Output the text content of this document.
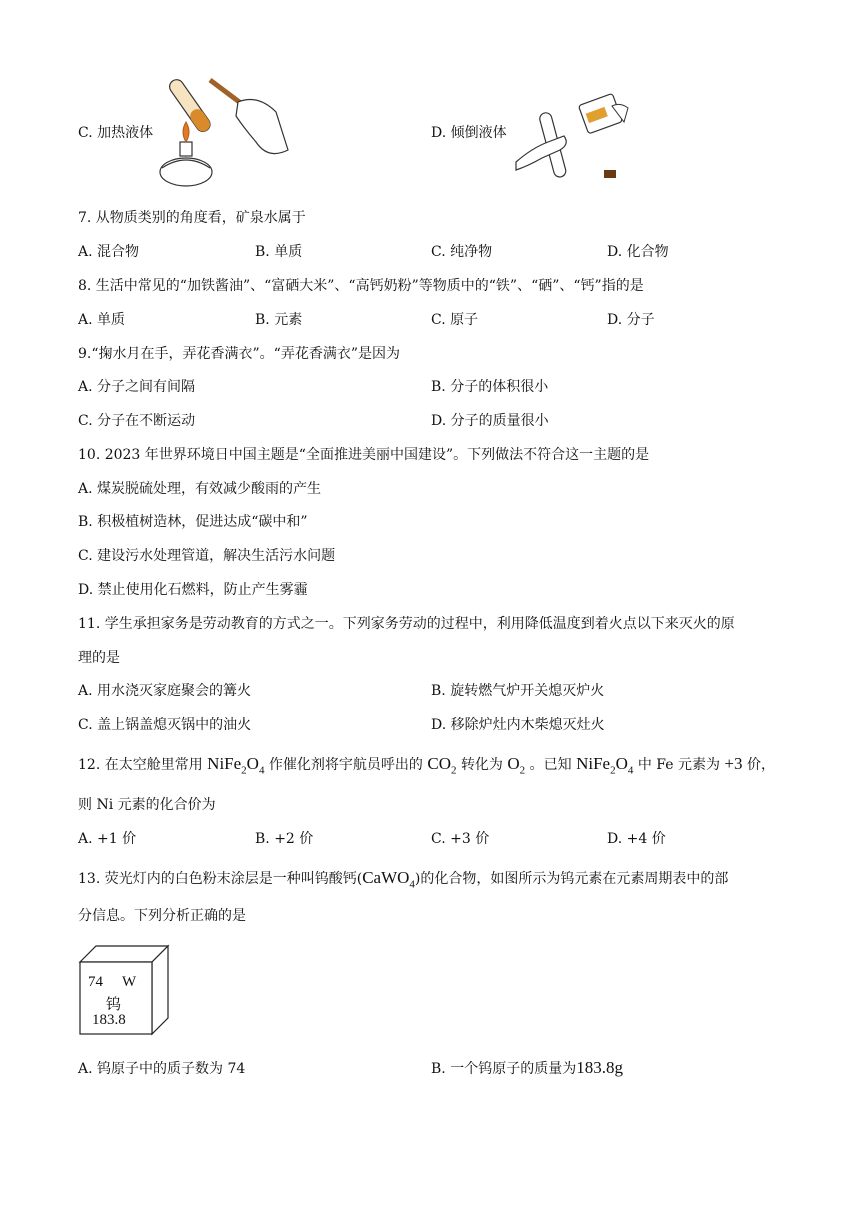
C. 加热液体	D. 倾倒液体
7. 从物质类别的角度看，矿泉水属于
A. 混合物	B. 单质	C. 纯净物	D. 化合物
8. 生活中常见的“加铁酱油”、“富硒大米”、“高钙奶粉”等物质中的“铁”、“硒”、“钙”指的是
A. 单质	B. 元素	C. 原子	D. 分子
9.“掬水月在手，弄花香满衣”。“弄花香满衣”是因为
A. 分子之间有间隔	B. 分子的体积很小
C. 分子在不断运动	D. 分子的质量很小
10. 2023 年世界环境日中国主题是“全面推进美丽中国建设”。下列做法不符合这一主题的是
A. 煤炭脱硫处理，有效减少酸雨的产生
B. 积极植树造林，促进达成“碳中和”
C. 建设污水处理管道，解决生活污水问题
D. 禁止使用化石燃料，防止产生雾霾
11. 学生承担家务是劳动教育的方式之一。下列家务劳动的过程中，利用降低温度到着火点以下来灭火的原
理的是
A. 用水浇灭家庭聚会的篝火	B. 旋转燃气炉开关熄灭炉火
C. 盖上锅盖熄灭锅中的油火	D. 移除炉灶内木柴熄灭灶火
12. 在太空舱里常用 $NiFe_2O_4$ 作催化剂将宇航员呼出的 $CO_2$ 转化为 $O_2$ 。已知 $NiFe_2O_4$ 中 Fe 元素为 +3 价，
则 Ni 元素的化合价为
A. +1 价	B. +2 价	C. +3 价	D. +4 价
13. 荧光灯内的白色粉末涂层是一种叫钨酸钙(CaWO$_4$)的化合物，如图所示为钨元素在元素周期表中的部
分信息。下列分析正确的是
74 W
钨
183.8
A. 钨原子中的质子数为 74	B. 一个钨原子的质量为183.8g
